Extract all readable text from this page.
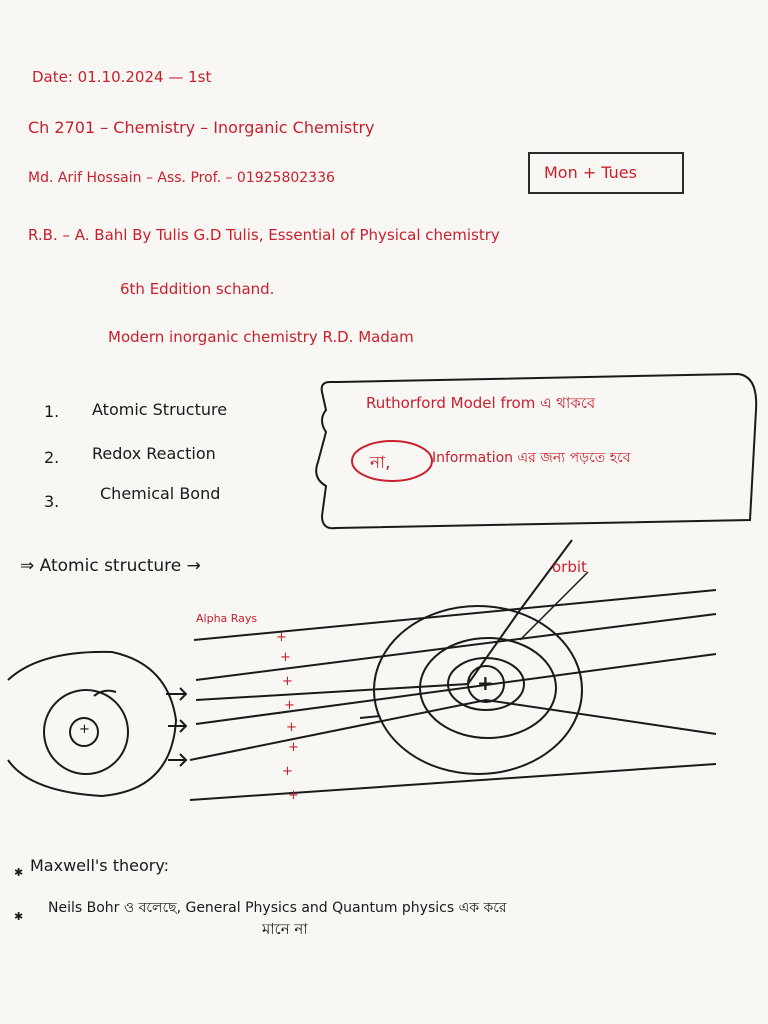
Date: 01.10.2024 — 1st
Ch 2701 – Chemistry – Inorganic Chemistry
Md. Arif Hossain – Ass. Prof. – 01925802336	Mon + Tues
R.B. – A. Bahl By Tulis G.D Tulis, Essential of Physical chemistry
6th Eddition schand.
Modern inorganic chemistry R.D. Madam
1. Atomic Structure
2. Redox Reaction
3.	Chemical Bond
Ruthorford Model from এ থাকবে
না,	Information এর জন্য পড়তে হবে
⇒ Atomic structure →
Alpha Rays
orbit
+
+
+
+
+
+
+
+
+
+
✱ Maxwell's theory:
✱
Neils Bohr ও বলেছে, General Physics and Quantum physics এক করে
মানে না
